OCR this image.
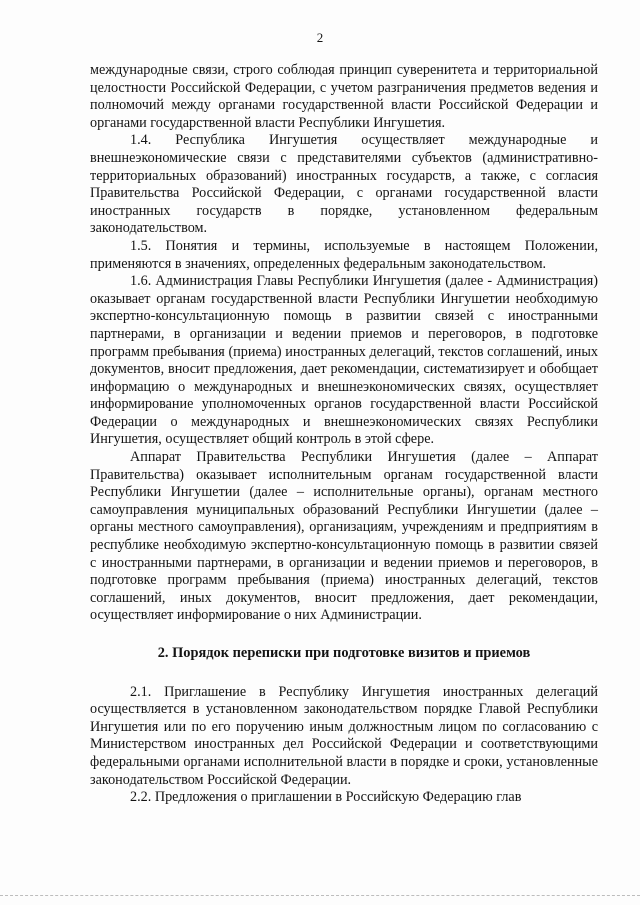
2

международные связи, строго соблюдая принцип суверенитета и территориальной целостности Российской Федерации, с учетом разграничения предметов ведения и полномочий между органами государственной власти Российской Федерации и органами государственной власти Республики Ингушетия.

1.4. Республика Ингушетия осуществляет международные и внешнеэкономические связи с представителями субъектов (административно-территориальных образований) иностранных государств, а также, с согласия Правительства Российской Федерации, с органами государственной власти иностранных государств в порядке, установленном федеральным законодательством.

1.5. Понятия и термины, используемые в настоящем Положении, применяются в значениях, определенных федеральным законодательством.

1.6. Администрация Главы Республики Ингушетия (далее - Администрация) оказывает органам государственной власти Республики Ингушетии необходимую экспертно-консультационную помощь в развитии связей с иностранными партнерами, в организации и ведении приемов и переговоров, в подготовке программ пребывания (приема) иностранных делегаций, текстов соглашений, иных документов, вносит предложения, дает рекомендации, систематизирует и обобщает информацию о международных и внешнеэкономических связях, осуществляет информирование уполномоченных органов государственной власти Российской Федерации о международных и внешнеэкономических связях Республики Ингушетия, осуществляет общий контроль в этой сфере.

Аппарат Правительства Республики Ингушетия (далее – Аппарат Правительства) оказывает исполнительным органам государственной власти Республики Ингушетии (далее – исполнительные органы), органам местного самоуправления муниципальных образований Республики Ингушетии (далее – органы местного самоуправления), организациям, учреждениям и предприятиям в республике необходимую экспертно-консультационную помощь в развитии связей с иностранными партнерами, в организации и ведении приемов и переговоров, в подготовке программ пребывания (приема) иностранных делегаций, текстов соглашений, иных документов, вносит предложения, дает рекомендации, осуществляет информирование о них Администрации.

2. Порядок переписки при подготовке визитов и приемов

2.1. Приглашение в Республику Ингушетия иностранных делегаций осуществляется в установленном законодательством порядке Главой Республики Ингушетия или по его поручению иным должностным лицом по согласованию с Министерством иностранных дел Российской Федерации и соответствующими федеральными органами исполнительной власти в порядке и сроки, установленные законодательством Российской Федерации.

2.2. Предложения о приглашении в Российскую Федерацию глав
